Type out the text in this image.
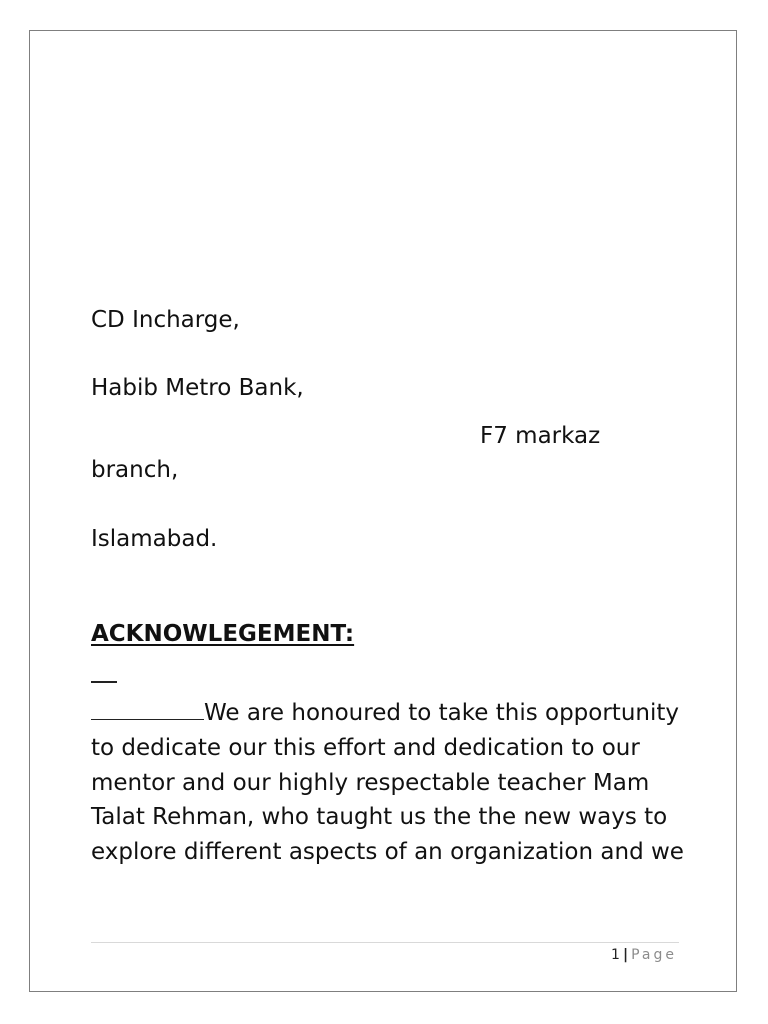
CD Incharge,

Habib Metro Bank,

F7 markaz

branch,

Islamabad.

ACKNOWLEGEMENT:

We are honoured to take this opportunity to dedicate our this effort and dedication to our mentor and our highly respectable teacher Mam Talat Rehman, who taught us the the new ways to explore different aspects of an organization and we

1 | Page
